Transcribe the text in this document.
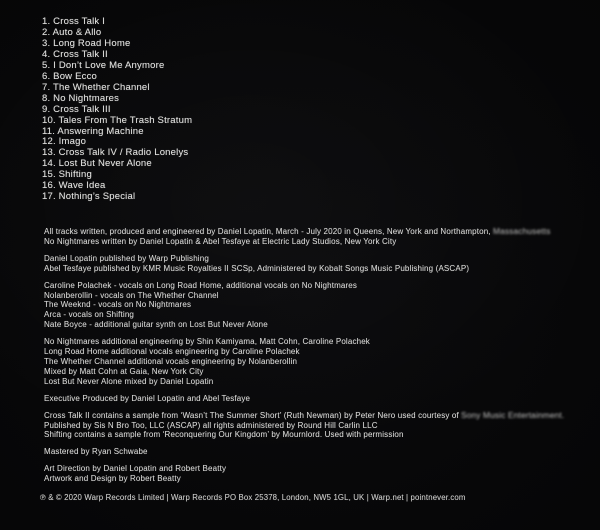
1. Cross Talk I
2. Auto & Allo
3. Long Road Home
4. Cross Talk II
5. I Don’t Love Me Anymore
6. Bow Ecco
7. The Whether Channel
8. No Nightmares
9. Cross Talk III
10. Tales From The Trash Stratum
11. Answering Machine
12. Imago
13. Cross Talk IV / Radio Lonelys
14. Lost But Never Alone
15. Shifting
16. Wave Idea
17. Nothing’s Special
All tracks written, produced and engineered by Daniel Lopatin, March - July 2020 in Queens, New York and Northampton, Massachusetts
No Nightmares written by Daniel Lopatin & Abel Tesfaye at Electric Lady Studios, New York City
Daniel Lopatin published by Warp Publishing
Abel Tesfaye published by KMR Music Royalties II SCSp, Administered by Kobalt Songs Music Publishing (ASCAP)
Caroline Polachek - vocals on Long Road Home, additional vocals on No Nightmares
Nolanberollin - vocals on The Whether Channel
The Weeknd - vocals on No Nightmares
Arca - vocals on Shifting
Nate Boyce - additional guitar synth on Lost But Never Alone
No Nightmares additional engineering by Shin Kamiyama, Matt Cohn, Caroline Polachek
Long Road Home additional vocals engineering by Caroline Polachek
The Whether Channel additional vocals engineering by Nolanberollin
Mixed by Matt Cohn at Gaia, New York City
Lost But Never Alone mixed by Daniel Lopatin
Executive Produced by Daniel Lopatin and Abel Tesfaye
Cross Talk II contains a sample from ‘Wasn’t The Summer Short’ (Ruth Newman) by Peter Nero used courtesy of Sony Music Entertainment.
Published by Sis N Bro Too, LLC (ASCAP) all rights administered by Round Hill Carlin LLC
Shifting contains a sample from ‘Reconquering Our Kingdom’ by Mournlord. Used with permission
Mastered by Ryan Schwabe
Art Direction by Daniel Lopatin and Robert Beatty
Artwork and Design by Robert Beatty
℗ & © 2020 Warp Records Limited | Warp Records PO Box 25378, London, NW5 1GL, UK | Warp.net | pointnever.com
